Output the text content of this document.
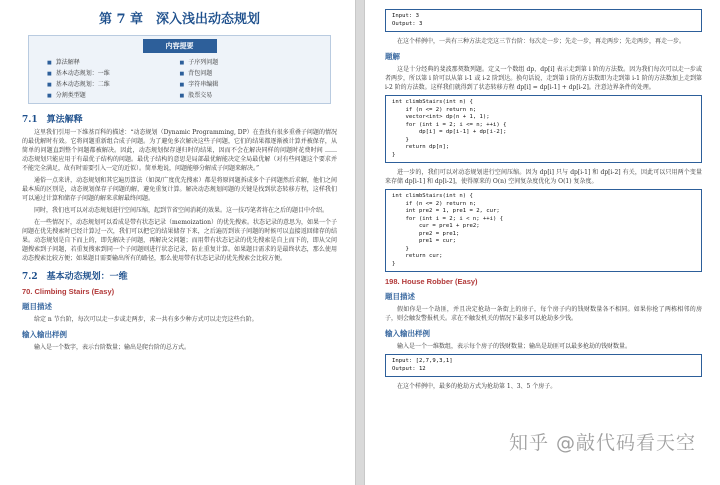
第 7 章　深入浅出动态规划
内容提要
■ 算法解释	■ 子序列问题
■ 基本动态规划：一维	■ 背包问题
■ 基本动态规划：二维	■ 字符串编辑
■ 分割类型题	■ 股票交易
7.1　算法解释

这里我们引用一下维基百科的描述：“动态规划（Dynamic Programming, DP）在查找有很多重叠子问题的情况的最优解时有效。它将问题重新组合成子问题。为了避免多次解决这些子问题，它们的结果都逐渐被计算并被保存，从简单的问题直到整个问题都被解决。因此，动态规划保存递归时的结果，因而不会在解决同样的问题时花费时间 …… 动态规划只能应用于有最优子结构的问题。最优子结构的意思是局部最优解能决定全局最优解（对有些问题这个要求并不能完全满足，故有时需要引入一定的近似）。简单地说，问题能够分解成子问题来解决。”

通俗一点来讲，动态规划和其它遍历算法（如深/广度优先搜索）都是将原问题拆成多个子问题然后求解，他们之间最本质的区别是，动态规划保存子问题的解，避免重复计算。解决动态规划问题的关键是找到状态转移方程，这样我们可以通过计算和储存子问题的解来求解最终问题。

同时，我们也可以对动态规划进行空间压缩，起到节省空间消耗的效果。这一技巧笔者将在之后的题目中介绍。

在一些情况下，动态规划可以看成是带有状态记录（memoization）的优先搜索。状态记录的意思为，如果一个子问题在优先搜索时已经计算过一次，我们可以把它的结果储存下来，之后遍历到该子问题的时候可以直接返回储存的结果。动态规划是自下而上的，即先解决子问题，再解决父问题；而用带有状态记录的优先搜索是自上而下的，即从父问题搜索到子问题，若重复搜索到同一个子问题则进行状态记录，防止重复计算。如果题目需求的是最终状态，那么使用动态搜索比较方便；如果题目需要输出所有的路径，那么使用带有状态记录的优先搜索会比较方便。

7.2　基本动态规划：一维
70. Climbing Stairs (Easy)
题目描述

给定 n 节台阶，每次可以走一步或走两步，求一共有多少种方式可以走完这些台阶。

输入输出样例

输入是一个数字，表示台阶数量；输出是爬台阶的总方式。

Input: 3
Output: 3

在这个样例中，一共有三种方法走完这三节台阶：每次走一步；先走一步，再走两步；先走两步，再走一步。

题解

这是十分经典的斐波那契数列题。定义一个数组 dp，dp[i] 表示走到第 i 阶的方法数。因为我们每次可以走一步或者两步，所以第 i 阶可以从第 i-1 或 i-2 阶到达。换句话说，走到第 i 阶的方法数即为走到第 i-1 阶的方法数加上走到第 i-2 阶的方法数。这样我们就得到了状态转移方程 dp[i] = dp[i-1] + dp[i-2]。注意边界条件的处理。

int climbStairs(int n) {
if (n <= 2) return n;
vector<int> dp(n + 1, 1);
for (int i = 2; i <= n; ++i) {
dp[i] = dp[i-1] + dp[i-2];
}
return dp[n];
}

进一步的，我们可以对动态规划进行空间压缩。因为 dp[i] 只与 dp[i-1] 和 dp[i-2] 有关，因此可以只用两个变量来存储 dp[i-1] 和 dp[i-2]，使得原来的 O(n) 空间复杂度优化为 O(1) 复杂度。

int climbStairs(int n) {
if (n <= 2) return n;
int pre2 = 1, pre1 = 2, cur;
for (int i = 2; i < n; ++i) {
cur = pre1 + pre2;
pre2 = pre1;
pre1 = cur;
}
return cur;
}
198. House Robber (Easy)
题目描述

假如你是一个劫匪，并且决定抢劫一条街上的房子，每个房子内的钱财数量各不相同。如果你抢了两栋相邻的房子，则会触发警报机关。求在不触发机关的情况下最多可以抢劫多少钱。

输入输出样例

输入是一个一维数组，表示每个房子的钱财数量；输出是劫匪可以最多抢劫的钱财数量。

Input: [2,7,9,3,1]
Output: 12

在这个样例中，最多的抢劫方式为抢劫第 1、3、5 个房子。

知乎 @敲代码看天空
